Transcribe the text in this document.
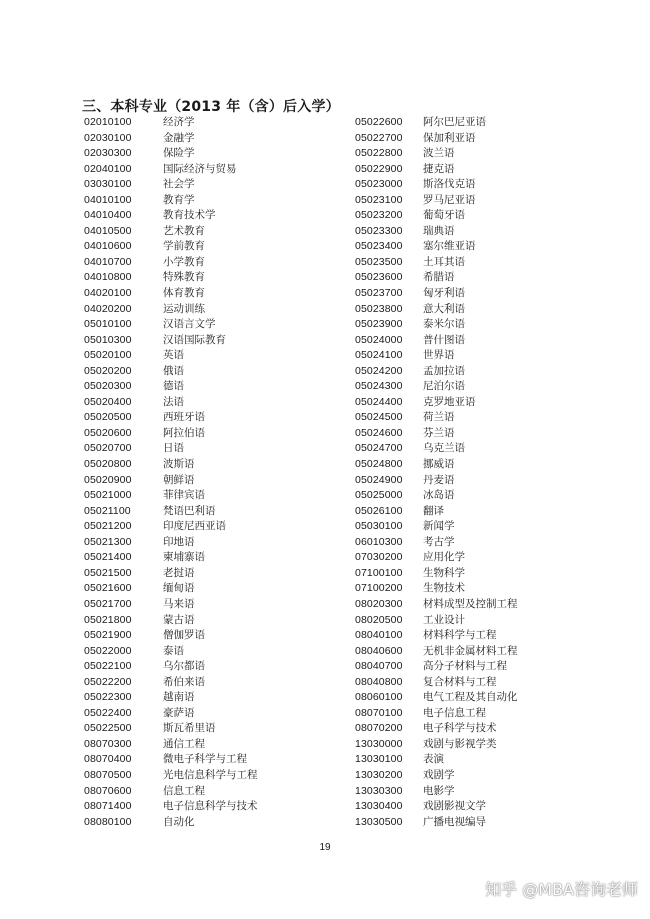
三、本科专业（2013 年（含）后入学）
02010100	经济学
02030100	金融学
02030300	保险学
02040100	国际经济与贸易
03030100	社会学
04010100	教育学
04010400	教育技术学
04010500	艺术教育
04010600	学前教育
04010700	小学教育
04010800	特殊教育
04020100	体育教育
04020200	运动训练
05010100	汉语言文学
05010300	汉语国际教育
05020100	英语
05020200	俄语
05020300	德语
05020400	法语
05020500	西班牙语
05020600	阿拉伯语
05020700	日语
05020800	波斯语
05020900	朝鲜语
05021000	菲律宾语
05021100	梵语巴利语
05021200	印度尼西亚语
05021300	印地语
05021400	柬埔寨语
05021500	老挝语
05021600	缅甸语
05021700	马来语
05021800	蒙古语
05021900	僧伽罗语
05022000	泰语
05022100	乌尔都语
05022200	希伯来语
05022300	越南语
05022400	豪萨语
05022500	斯瓦希里语
08070300	通信工程
08070400	微电子科学与工程
08070500	光电信息科学与工程
08070600	信息工程
08071400	电子信息科学与技术
08080100	自动化
05022600 阿尔巴尼亚语
05022700 保加利亚语
05022800 波兰语
05022900 捷克语
05023000 斯洛伐克语
05023100 罗马尼亚语
05023200 葡萄牙语
05023300 瑞典语
05023400 塞尔维亚语
05023500 土耳其语
05023600 希腊语
05023700 匈牙利语
05023800 意大利语
05023900 泰米尔语
05024000 普什图语
05024100 世界语
05024200 孟加拉语
05024300 尼泊尔语
05024400 克罗地亚语
05024500 荷兰语
05024600 芬兰语
05024700 乌克兰语
05024800 挪威语
05024900 丹麦语
05025000 冰岛语
05026100 翻译
05030100 新闻学
06010300 考古学
07030200 应用化学
07100100 生物科学
07100200 生物技术
08020300 材料成型及控制工程
08020500 工业设计
08040100 材料科学与工程
08040600 无机非金属材料工程
08040700 高分子材料与工程
08040800 复合材料与工程
08060100 电气工程及其自动化
08070100 电子信息工程
08070200 电子科学与技术
13030000 戏剧与影视学类
13030100 表演
13030200 戏剧学
13030300 电影学
13030400 戏剧影视文学
13030500 广播电视编导
19
知乎 @MBA咨询老师
